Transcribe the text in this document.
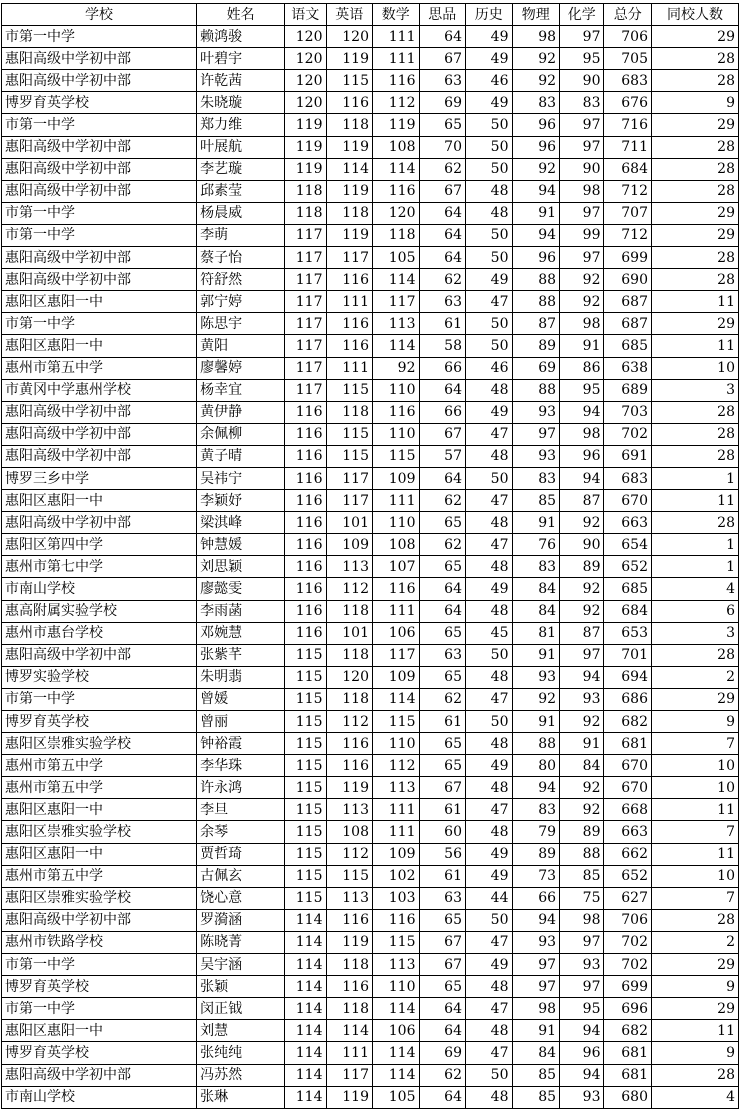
学校	姓名	语文	英语	数学	思品	历史	物理	化学	总分	同校人数
市第一中学	赖鸿骏	120	120	111	64	49	98	97	706	29
惠阳高级中学初中部	叶碧宇	120	119	111	67	49	92	95	705	28
惠阳高级中学初中部	许乾茜	120	115	116	63	46	92	90	683	28
博罗育英学校	朱晓璇	120	116	112	69	49	83	83	676	9
市第一中学	郑力维	119	118	119	65	50	96	97	716	29
惠阳高级中学初中部	叶展航	119	119	108	70	50	96	97	711	28
惠阳高级中学初中部	李艺璇	119	114	114	62	50	92	90	684	28
惠阳高级中学初中部	邱素莹	118	119	116	67	48	94	98	712	28
市第一中学	杨晨威	118	118	120	64	48	91	97	707	29
市第一中学	李萌	117	119	118	64	50	94	99	712	29
惠阳高级中学初中部	蔡子怡	117	117	105	64	50	96	97	699	28
惠阳高级中学初中部	符舒然	117	116	114	62	49	88	92	690	28
惠阳区惠阳一中	郭宁婷	117	111	117	63	47	88	92	687	11
市第一中学	陈思宇	117	116	113	61	50	87	98	687	29
惠阳区惠阳一中	黄阳	117	116	114	58	50	89	91	685	11
惠州市第五中学	廖馨婷	117	111	92	66	46	69	86	638	10
市黄冈中学惠州学校	杨幸宜	117	115	110	64	48	88	95	689	3
惠阳高级中学初中部	黄伊静	116	118	116	66	49	93	94	703	28
惠阳高级中学初中部	余佩柳	116	115	110	67	47	97	98	702	28
惠阳高级中学初中部	黄子晴	116	115	115	57	48	93	96	691	28
博罗三乡中学	吴祎宁	116	117	109	64	50	83	94	683	1
惠阳区惠阳一中	李颖妤	116	117	111	62	47	85	87	670	11
惠阳高级中学初中部	梁淇峰	116	101	110	65	48	91	92	663	28
惠阳区第四中学	钟慧媛	116	109	108	62	47	76	90	654	1
惠州市第七中学	刘思颖	116	113	107	65	48	83	89	652	1
市南山学校	廖懿雯	116	112	116	64	49	84	92	685	4
惠高附属实验学校	李雨菡	116	118	111	64	48	84	92	684	6
惠州市惠台学校	邓婉慧	116	101	106	65	45	81	87	653	3
惠阳高级中学初中部	张紫芊	115	118	117	63	50	91	97	701	28
博罗实验学校	朱明翡	115	120	109	65	48	93	94	694	2
市第一中学	曾媛	115	118	114	62	47	92	93	686	29
博罗育英学校	曾丽	115	112	115	61	50	91	92	682	9
惠阳区崇雅实验学校	钟裕霞	115	116	110	65	48	88	91	681	7
惠州市第五中学	李华珠	115	116	112	65	49	80	84	670	10
惠州市第五中学	许永鸿	115	119	113	67	48	94	92	670	10
惠阳区惠阳一中	李旦	115	113	111	61	47	83	92	668	11
惠阳区崇雅实验学校	余琴	115	108	111	60	48	79	89	663	7
惠阳区惠阳一中	贾哲琦	115	112	109	56	49	89	88	662	11
惠州市第五中学	古佩玄	115	115	102	61	49	73	85	652	10
惠阳区崇雅实验学校	饶心意	115	113	103	63	44	66	75	627	7
惠阳高级中学初中部	罗漪涵	114	116	116	65	50	94	98	706	28
惠州市铁路学校	陈晓菁	114	119	115	67	47	93	97	702	2
市第一中学	吴宇涵	114	118	113	67	49	97	93	702	29
博罗育英学校	张颖	114	116	110	65	48	97	97	699	9
市第一中学	闵正钺	114	118	114	64	47	98	95	696	29
惠阳区惠阳一中	刘慧	114	114	106	64	48	91	94	682	11
博罗育英学校	张纯纯	114	111	114	69	47	84	96	681	9
惠阳高级中学初中部	冯苏然	114	117	114	62	50	85	94	681	28
市南山学校	张琳	114	119	105	64	48	85	93	680	4
